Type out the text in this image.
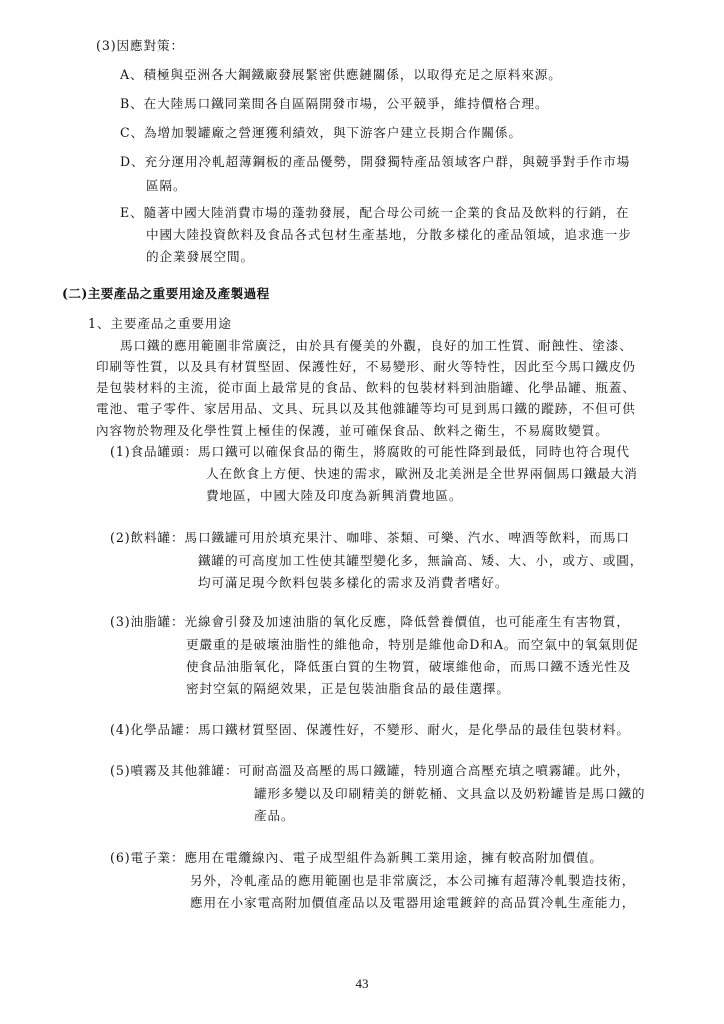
(3)因應對策：
A、積極與亞洲各大鋼鐵廠發展緊密供應鏈關係，以取得充足之原料來源。
B、在大陸馬口鐵同業間各自區隔開發市場，公平競爭，維持價格合理。
C、為增加製罐廠之營運獲利績效，與下游客户建立長期合作關係。
D、充分運用冷軋超薄鋼板的產品優勢，開發獨特產品領域客户群，與競爭對手作市場
區隔。
E、隨著中國大陸消費市場的蓬勃發展，配合母公司統一企業的食品及飲料的行銷，在
中國大陸投資飲料及食品各式包材生產基地，分散多樣化的產品領域，追求進一步
的企業發展空間。
(二)主要產品之重要用途及產製過程
1、主要產品之重要用途
馬口鐵的應用範圍非常廣泛，由於具有優美的外觀，良好的加工性質、耐蝕性、塗漆、
印刷等性質，以及具有材質堅固、保護性好，不易變形、耐火等特性，因此至今馬口鐵皮仍
是包裝材料的主流，從市面上最常見的食品、飲料的包裝材料到油脂罐、化學品罐、瓶蓋、
電池、電子零件、家居用品、文具、玩具以及其他雜罐等均可見到馬口鐵的蹤跡，不但可供
內容物於物理及化學性質上極佳的保護，並可確保食品、飲料之衛生，不易腐敗變質。
(1)食品罐頭：馬口鐵可以確保食品的衛生，將腐敗的可能性降到最低，同時也符合現代
人在飲食上方便、快速的需求，歐洲及北美洲是全世界兩個馬口鐵最大消
費地區，中國大陸及印度為新興消費地區。
(2)飲料罐：馬口鐵罐可用於填充果汁、咖啡、茶類、可樂、汽水、啤酒等飲料，而馬口
鐵罐的可高度加工性使其罐型變化多，無論高、矮、大、小，或方、或圓，
均可滿足現今飲料包裝多樣化的需求及消費者嗜好。
(3)油脂罐：光線會引發及加速油脂的氧化反應，降低營養價值，也可能產生有害物質，
更嚴重的是破壞油脂性的維他命，特別是維他命D和A。而空氣中的氧氣則促
使食品油脂氧化，降低蛋白質的生物質，破壞維他命，而馬口鐵不透光性及
密封空氣的隔絕效果，正是包裝油脂食品的最佳選擇。
(4)化學品罐：馬口鐵材質堅固、保護性好，不變形、耐火，是化學品的最佳包裝材料。
(5)噴霧及其他雜罐：可耐高溫及高壓的馬口鐵罐，特別適合高壓充填之噴霧罐。此外，
罐形多變以及印刷精美的餅乾桶、文具盒以及奶粉罐皆是馬口鐵的
產品。
(6)電子業：應用在電纜線內、電子成型組件為新興工業用途，擁有較高附加價值。
另外，冷軋產品的應用範圍也是非常廣泛，本公司擁有超薄冷軋製造技術，
應用在小家電高附加價值產品以及電器用途電鍍鋅的高品質冷軋生產能力，
43
